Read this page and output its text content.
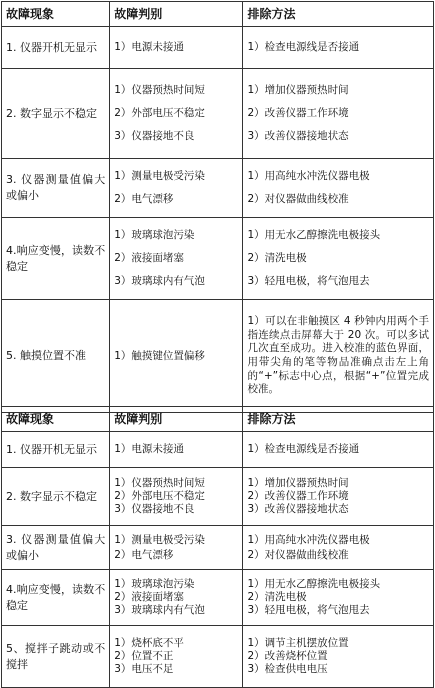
故障现象	故障判别	排除方法
1. 仪器开机无显示	1）电源未接通	1）检查电源线是否接通

2. 数字显示不稳定	1）仪器预热时间短
2）外部电压不稳定
3）仪器接地不良	1）增加仪器预热时间
2）改善仪器工作环境
3）改善仪器接地状态

3. 仪器测量值偏大或偏小	1）测量电极受污染
2）电气漂移	1）用高纯水冲洗仪器电极
2）对仪器做曲线校准

4.响应变慢，读数不稳定	1）玻璃球泡污染
2）液接面堵塞
3）玻璃球内有气泡	1）用无水乙醇擦洗电极接头
2）清洗电极
3）轻甩电极，将气泡甩去

5. 触摸位置不准	1）触摸键位置偏移	1）可以在非触摸区 4 秒钟内用两个手指连续点击屏幕大于 20 次。可以多试几次直至成功。进入校准的蓝色界面，用带尖角的笔等物品准确点击左上角的“+”标志中心点，根据“+”位置完成校准。
故障现象	故障判别	排除方法
1. 仪器开机无显示	1）电源未接通	1）检查电源线是否接通

2. 数字显示不稳定	1）仪器预热时间短
2）外部电压不稳定
3）仪器接地不良	1）增加仪器预热时间
2）改善仪器工作环境
3）改善仪器接地状态

3. 仪器测量值偏大或偏小	1）测量电极受污染
2）电气漂移	1）用高纯水冲洗仪器电极
2）对仪器做曲线校准

4.响应变慢，读数不稳定	1）玻璃球泡污染
2）液接面堵塞
3）玻璃球内有气泡	1）用无水乙醇擦洗电极接头
2）清洗电极
3）轻甩电极，将气泡甩去

5、搅拌子跳动或不搅拌	1）烧杯底不平
2）位置不正
3）电压不足	1）调节主机摆放位置
2）改善烧杯位置
3）检查供电电压
